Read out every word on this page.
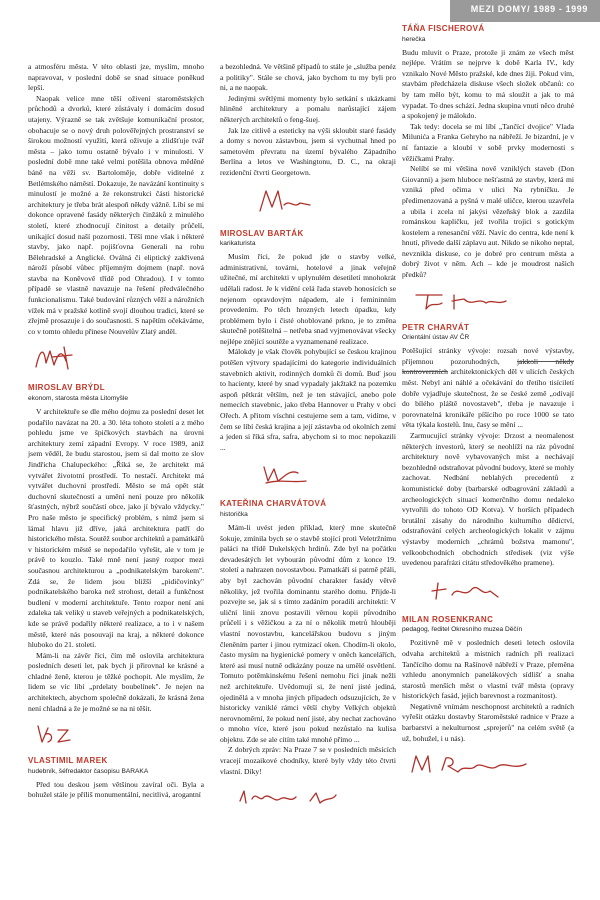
MEZI DOMY/ 1989 - 1999

a atmosféru města. V této oblasti jze, myslím, mnoho napravovat, v poslední době se snad situace poněkud lepší.

Naopak velice mne těší oživení staroměstských průchodů a dvorků, které zůstávaly i domácím dosud utajeny. Výrazně se tak zvětšuje komunikační prostor, obohacuje se o nový druh polověřejných prostranství se širokou možností využití, která oživuje a zlidšťuje tvář města – jako tomu ostatně bývalo i v minulosti. V poslední době mne také velmi potěšila obnova měděné báně na věži sv. Bartoloměje, dobře viditelné z Betlémského náměstí. Dokazuje, že navázání kontinuity s minulostí je možné a že rekonstrukci části historické architektury je třeba brát alespoň někdy vážně. Líbí se mi dokonce opravené fasády některých činžáků z minulého století, které zhodnocují činitost a detaily průčelí, unikající dosud naší pozornosti. Těší mne však i některé stavby, jako např. pojišťovna Generali na rohu Bělehradské a Anglické. Oválná či eliptický zakřivená nároží působí vůbec příjemným dojmem (např. nová stavba na Koněvově třídě pod Ohradou). I v tomto případě se vlastně navazuje na řešení předválečného funkcionalismu. Také budování různých věží a nárožních vížek má v pražské kotlině svojí dlouhou tradici, které se zřejmě prosazuje i do současnosti. S napětím očekáváme, co v tomto ohledu přinese Nouvelův Zlatý anděl.

MIROSLAV BRÝDL
ekonom, starosta města Litomyšle

V architektuře se dle mého dojmu za poslední deset let podařilo navázat na 20. a 30. léta tohoto století a z mého pohledu jsme ve špičkových stavbách na úrovni architektury zemí západní Evropy. V roce 1989, aniž jsem věděl, že budu starostou, jsem si dal motto ze slov Jindřicha Chalupeckého: „Říká se, že architekt má vytvářet živototní prostředí. To nestačí. Architekt má vytvářet duchovní prostředí. Město se má opět stát duchovní skutečností a umění není pouze pro několik šťastných, nýbrž součástí obce, jako jí bývalo vždycky." Pro naše město je specifický problém, s nímž jsem si lámal hlavu již dříve, jaká architektura patří do historického města. Soutěž soubor architektů a památkářů v historickém městě se nepodařilo vyřešit, ale v tom je právě to kouzlo. Také mně není jasný rozpor mezi současnou architekturou a „podnikatelským barokem". Zdá se, že lidem jsou bližší „pidičovinky" podnikatelského baroka než strohost, detail a funkčnost budlení v moderní architektuře. Tento rozpor není ani zdaleka tak veliký u staveb veřejných a podnikatelských, kde se právě podařily některé realizace, a to i v našem městě, které nás posouvají na kraj, a některé dokonce hluboko do 21. století.

Mám-li na závěr říci, čím mě oslovila architektura posledních deseti let, pak bych ji přirovnal ke krásné a chladné ženě, kterou je těžké pochopit. Ale myslím, že lidem se víc líbí „prdelaty boubelínek". Je nejen na architektech, abychom společně dokázali, že krásná žena není chladná a že je možné se na ni těšit.

VLASTIMIL MAREK
hudebník, šéfredaktor časopisu BARAKA

Před tou deskou jsem většinou zavíral oči. Byla a bohužel stále je příliš monumentální, necitlivá, arogantní

a bezohledná. Ve většině případů to stále je „služba penéz a politiky". Stále se chová, jako bychom tu my byli pro ni, a ne naopak.

Jedinými světlými momenty bylo setkání s ukázkami hliněné architektury a pomalu narůstající zájem některých architektů o feng-šuej.

Jak lze citlivě a esteticky na výši skloubit staré fasády a domy s novou zástavbou, jsem si vychutnal hned po sametovém převratu na území bývalého Západního Berlína a letos ve Washingtonu, D. C., na okraji rezidenční čtvrti Georgetown.

MIROSLAV BARTÁK
karikaturista

Musím říci, že pokud jde o stavby velké, administrativní, továrni, hotelové a jinak veřejně užitečné, mí architekti v uplynulém desetiletí mnohokrát udělali radost. Je k vidění celá řada staveb honosících se nejenom opravdovým nápadem, ale i femininním provedením. Po těch hrozných letech úpadku, kdy problémem bylo i čisté ohoblované prkno, je to změna skutečně potěšitelná – netřeba snad vyjmenovávat všecky nejlépe znějící soutěže a vyznamenané realizace.

Málokdy je však člověk pohybující se českou krajinou potěšen výtvory spadajícími do kategorie individuálních stavebních aktivit, rodinných domků či domů. Buď jsou to hacienty, které by snad vypadaly jakžtakž na pozemku aspoň pětkrát větším, než je ten stávající, anebo pole nemecích stavebnic, jako třeba Hannover u Prahy v obci Ořech. A přitom víschni cestujeme sem a tam, vidíme, v čem se líbí česká krajina a její zástavba od okolních zemí a jeden si říká sfra, safra, abychom si to moc nepokazili ...

KATEŘINA CHARVÁTOVÁ
historička

Mám-li uvést jeden příklad, který mne skutečně šokuje, zmínila bych se o stavbě stojící proti Veletržnímu paláci na třídě Dukelských hrdinů. Zde byl na počátku devadesátých let vybourán původní dům z konce 19. století a nahrazen novostavbou. Pamatkáři si patrně přáli, aby byl zachován původní charakter fasády větvě několiky, jež tvořila dominantu starého domu. Přijde-li pozvejte se, jak si s tímto zadáním poradili architekti: V uliční linii znovu postavili věrnou kopii původního průčelí i s věžičkou a za ní o několik metrů hlouběji vlastní novostavbu, kancelářskou budovu s jiným členěním parter i jinou rytmizací oken. Chodím-li okolo, často mysím na hygienické pomery v oněch kancelářích, které asi musí nutně odkázány pouze na umělé osvětlení. Tomuto potěmkinskému řešení nemohu říci jinak nežli než architektuře. Uvědomují si, že není jisté jediná, ojedinělá a v mnoha jiných případech odsuzujících, že v historicky vzniklé rámci větší chyby Velkých objektů nerovnoměrní, že pokud není jisté, aby nechat zachováno o mnoho více, které jsou pokud nezůstalo na kulisa objektu. Zde se ale cítím také mnohé přímo ...

Z dobrých zpráv: Na Praze 7 se v posledních měsících vracejí mozaikové chodníky, které byly vždy této čtvrti vlastní. Díky!

TÁŇA FISCHEROVÁ
herečka

Budu mluvit o Praze, protože ji znám ze všech měst nejlépe. Vrátím se nejprve k době Karla IV., kdy vznikalo Nové Město pražské, kde dnes žiji. Pokud vím, stavbám předcházela diskuse všech složek občanů: co by tam mělo být, komu to má sloužit a jak to má vypadat. To dnes schází. Jedna skupina vnutí něco druhé a spokojený je málokdo.

Tak tedy: docela se mi líbí „Tančící dvojice" Vlada Milunića a Franka Gehryho na nábřeží. Je bizardní, je v ní fantazie a kloubí v sobě prvky modernosti s věžičkami Prahy.

Nelíbí se mi většina nově vzniklých staveb (Don Giovanni) a jsem hluboce nešťastná ze stavby, která mi vzniká před očima v ulici Na rybníčku. Je předimenzovaná a pyšná v malé uličce, kterou uzavřela a ubila i zcela ní jakýsi vězeňský blok a zazdila románskou kapličku, jež tvořila trojici s gotickým kostelem a renesanční věží. Navíc do centra, kde není k hnutí, přivede další záplavu aut. Nikdo se nikoho neptal, nevznikla diskuse, co je dobré pro centrum města a dobrý život v něm. Ach – kde je moudrost našich předků?

PETR CHARVÁT
Orientální ústav AV ČR

Potěšující stránky vývoje: rozsah nové výstavby, příjemnou pozoruhodných, jakkoli někdy kontroverzních architektonických děl v ulicích českých měst. Nebyl ani náhlé a očekávání do třetího tisíciletí dobře vyjadřuje skutečnost, že se české země „odívají do bílého pláště novostaveb", třeba je navazuje i porovnatelná kronikáře píšícího po roce 1000 se tato věta týkala kostelů. Inu, časy se mění ...

Zarmucující stránky vývoje: Drzost a neomalenost některých investorů, který se neohlíží na ráz původní architektury nově vybavovaných míst a nechávají bezohledně odstraňovat původní budovy, které se mohly zachovat. Nedbání neblahých precedentů z komunistické doby (barbarské odbagrování základů a archeologických situací komerčního domu nedaleko vytvořili do tohoto OD Kotva). V horších případech brutální zásahy do národního kulturního dědictví, odstraňování celých archeologických lokalit v zájmu výstavby moderních „chrámů božstva mamonu", velkoobchodních obchodních středisek (viz výše uvedenou parafrázi citátu středověkého pramene).

MILAN ROSENKRANC
pedagog, ředitel Okresního muzea Děčín

Pozitivně mě v posledních deseti letech oslovila odvaha architektů a místních radních při realizaci Tančícího domu na Rašínově nábřeží v Praze, přeměna vzhledu anonymních panelákových sídlišť a snaha starostů menších měst o vlastní tvář města (opravy historických fasád, jejich barevnost a rozmanitost).

Negativně vnímám neschopnost architektů a radních vyřešit otázku dostavby Staroměstské radnice v Praze a barbarství a nekulturnost „sprejerů" na celém světě (a už, bohužel, i u nás).
